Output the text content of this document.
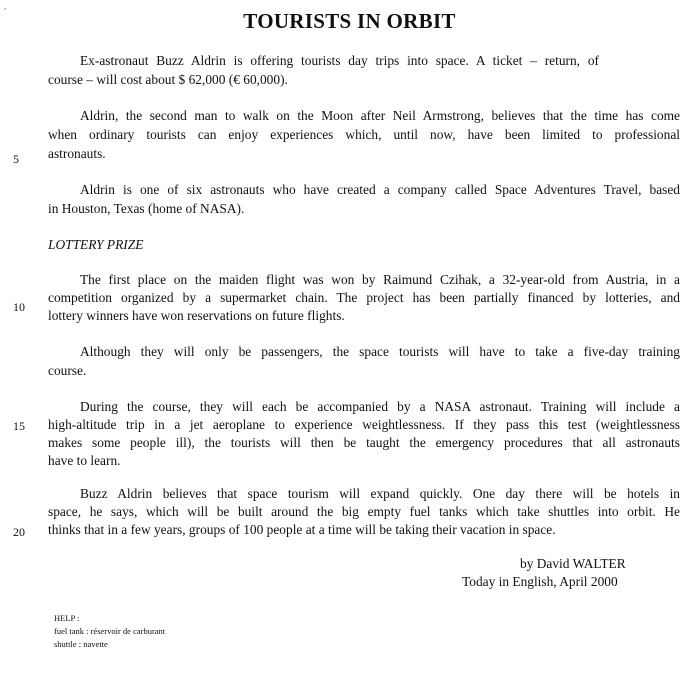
`	TOURISTS IN ORBIT
Ex-astronaut Buzz Aldrin is offering tourists day trips into space. A ticket – return, of
course – will cost about $ 62,000 (€ 60,000).
Aldrin, the second man to walk on the Moon after Neil Armstrong, believes that the time has come
when ordinary tourists can enjoy experiences which, until now, have been limited to professional
astronauts.
5
Aldrin is one of six astronauts who have created a company called Space Adventures Travel, based
in Houston, Texas (home of NASA).
LOTTERY PRIZE
The first place on the maiden flight was won by Raimund Czihak, a 32-year-old from Austria, in a
competition organized by a supermarket chain. The project has been partially financed by lotteries, and
10
lottery winners have won reservations on future flights.
Although they will only be passengers, the space tourists will have to take a five-day training
course.
During the course, they will each be accompanied by a NASA astronaut. Training will include a
high-altitude trip in a jet aeroplane to experience weightlessness. If they pass this test (weightlessness
15
makes some people ill), the tourists will then be taught the emergency procedures that all astronauts
have to learn.
Buzz Aldrin believes that space tourism will expand quickly. One day there will be hotels in
space, he says, which will be built around the big empty fuel tanks which take shuttles into orbit. He
20 thinks that in a few years, groups of 100 people at a time will be taking their vacation in space.
by David WALTER
Today in English, April 2000
HELP :
fuel tank : réservoir de carburant
shuttle : navette
